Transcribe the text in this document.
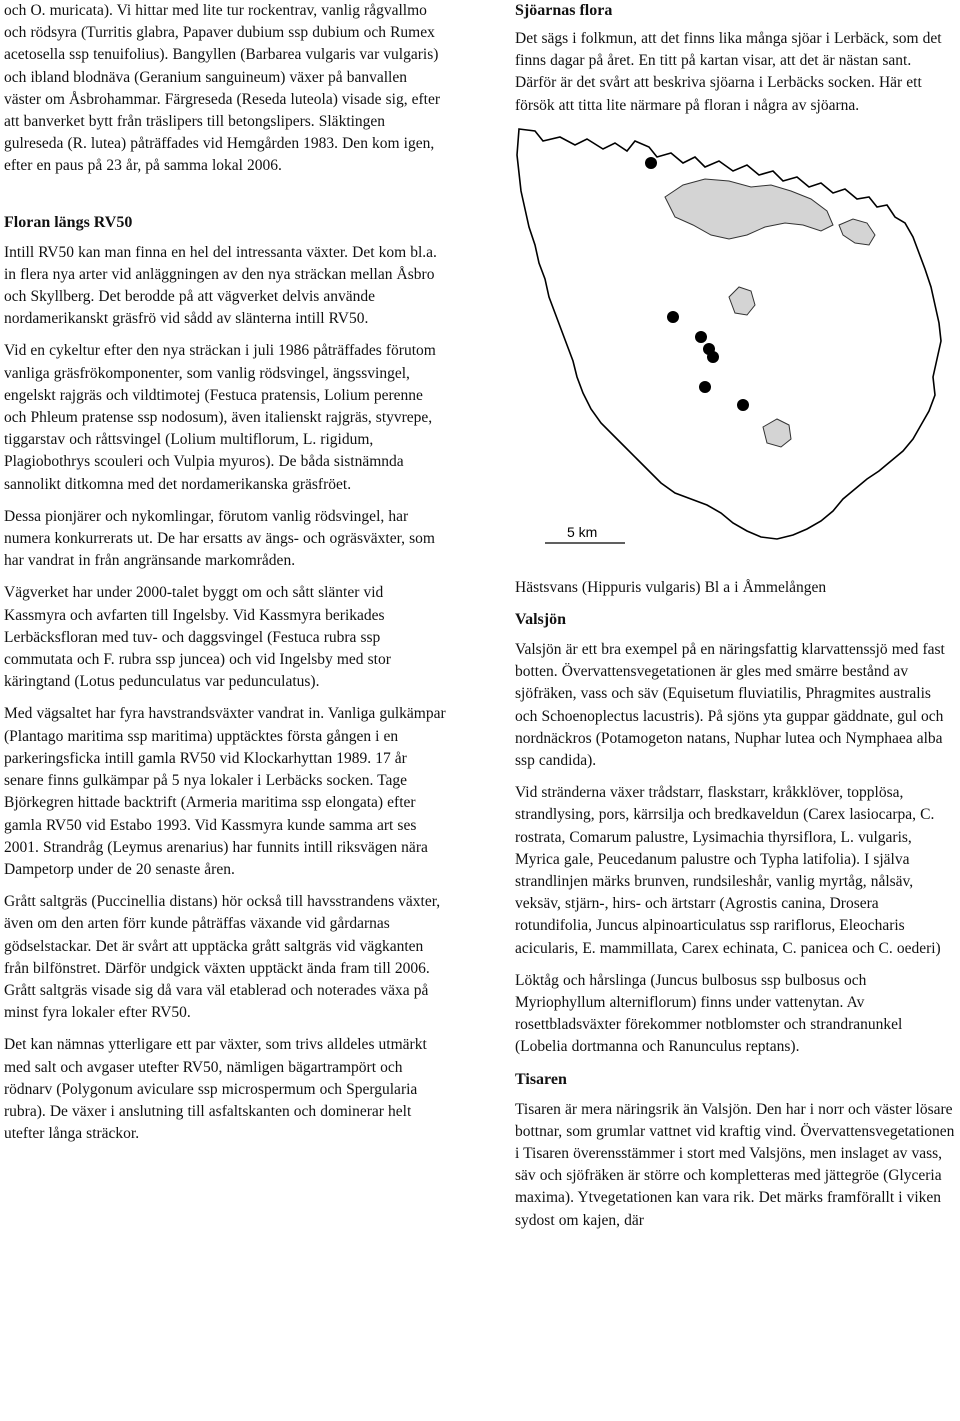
och O. muricata). Vi hittar med lite tur rockentrav, vanlig rågvallmo och rödsyra (Turritis glabra, Papaver dubium ssp dubium och Rumex acetosella ssp tenuifolius). Bangyllen (Barbarea vulgaris var vulgaris) och ibland blodnäva (Geranium sanguineum) växer på banvallen väster om Åsbrohammar. Färgreseda (Reseda luteola) visade sig, efter att banverket bytt från träslipers till betongslipers. Släktingen gulreseda (R. lutea) påträffades vid Hemgården 1983. Den kom igen, efter en paus på 23 år, på samma lokal 2006.

Floran längs RV50

Intill RV50 kan man finna en hel del intressanta växter. Det kom bl.a. in flera nya arter vid anläggningen av den nya sträckan mellan Åsbro och Skyllberg. Det berodde på att vägverket delvis använde nordamerikanskt gräsfrö vid sådd av slänterna intill RV50.

Vid en cykeltur efter den nya sträckan i juli 1986 påträffades förutom vanliga gräsfrökomponenter, som vanlig rödsvingel, ängssvingel, engelskt rajgräs och vildtimotej (Festuca pratensis, Lolium perenne och Phleum pratense ssp nodosum), även italienskt rajgräs, styvrepe, tiggarstav och råttsvingel (Lolium multiflorum, L. rigidum, Plagiobothrys scouleri och Vulpia myuros). De båda sistnämnda sannolikt ditkomna med det nordamerikanska gräsfröet.

Dessa pionjärer och nykomlingar, förutom vanlig rödsvingel, har numera konkurrerats ut. De har ersatts av ängs- och ogräsväxter, som har vandrat in från angränsande markområden.

Vägverket har under 2000-talet byggt om och sått slänter vid Kassmyra och avfarten till Ingelsby. Vid Kassmyra berikades Lerbäcksfloran med tuv- och daggsvingel (Festuca rubra ssp commutata och F. rubra ssp juncea) och vid Ingelsby med stor käringtand (Lotus pedunculatus var pedunculatus).

Med vägsaltet har fyra havstrandsväxter vandrat in. Vanliga gulkämpar (Plantago maritima ssp maritima) upptäcktes första gången i en parkeringsficka intill gamla RV50 vid Klockarhyttan 1989. 17 år senare finns gulkämpar på 5 nya lokaler i Lerbäcks socken. Tage Björkegren hittade backtrift (Armeria maritima ssp elongata) efter gamla RV50 vid Estabo 1993. Vid Kassmyra kunde samma art ses 2001. Strandråg (Leymus arenarius) har funnits intill riksvägen nära Dampetorp under de 20 senaste åren.

Grått saltgräs (Puccinellia distans) hör också till havsstrandens växter, även om den arten förr kunde påträffas växande vid gårdarnas gödselstackar. Det är svårt att upptäcka grått saltgräs vid vägkanten från bilfönstret. Därför undgick växten upptäckt ända fram till 2006. Grått saltgräs visade sig då vara väl etablerad och noterades växa på minst fyra lokaler efter RV50.

Det kan nämnas ytterligare ett par växter, som trivs alldeles utmärkt med salt och avgaser utefter RV50, nämligen bägartrampört och rödnarv (Polygonum aviculare ssp microspermum och Spergularia rubra). De växer i anslutning till asfaltskanten och dominerar helt utefter långa sträckor.

Sjöarnas flora

Det sägs i folkmun, att det finns lika många sjöar i Lerbäck, som det finns dagar på året. En titt på kartan visar, att det är nästan sant. Därför är det svårt att beskriva sjöarna i Lerbäcks socken. Här ett försök att titta lite närmare på floran i några av sjöarna.

5 km

Hästsvans (Hippuris vulgaris) Bl a i Åmmelången

Valsjön

Valsjön är ett bra exempel på en näringsfattig klarvattenssjö med fast botten. Övervattensvegetationen är gles med smärre bestånd av sjöfräken, vass och säv (Equisetum fluviatilis, Phragmites australis och Schoenoplectus lacustris). På sjöns yta guppar gäddnate, gul och nordnäckros (Potamogeton natans, Nuphar lutea och Nymphaea alba ssp candida).

Vid stränderna växer trådstarr, flaskstarr, kråkklöver, topplösa, strandlysing, pors, kärrsilja och bredkaveldun (Carex lasiocarpa, C. rostrata, Comarum palustre, Lysimachia thyrsiflora, L. vulgaris, Myrica gale, Peucedanum palustre och Typha latifolia). I själva strandlinjen märks brunven, rundsileshår, vanlig myrtåg, nålsäv, veksäv, stjärn-, hirs- och ärtstarr (Agrostis canina, Drosera rotundifolia, Juncus alpinoarticulatus ssp rariflorus, Eleocharis acicularis, E. mammillata, Carex echinata, C. panicea och C. oederi)

Löktåg och hårslinga (Juncus bulbosus ssp bulbosus och Myriophyllum alterniflorum) finns under vattenytan. Av rosettbladsväxter förekommer notblomster och strandranunkel (Lobelia dortmanna och Ranunculus reptans).

Tisaren

Tisaren är mera näringsrik än Valsjön. Den har i norr och väster lösare bottnar, som grumlar vattnet vid kraftig vind. Övervattensvegetationen i Tisaren överensstämmer i stort med Valsjöns, men inslaget av vass, säv och sjöfräken är större och kompletteras med jättegröe (Glyceria maxima). Ytvegetationen kan vara rik. Det märks framförallt i viken sydost om kajen, där
